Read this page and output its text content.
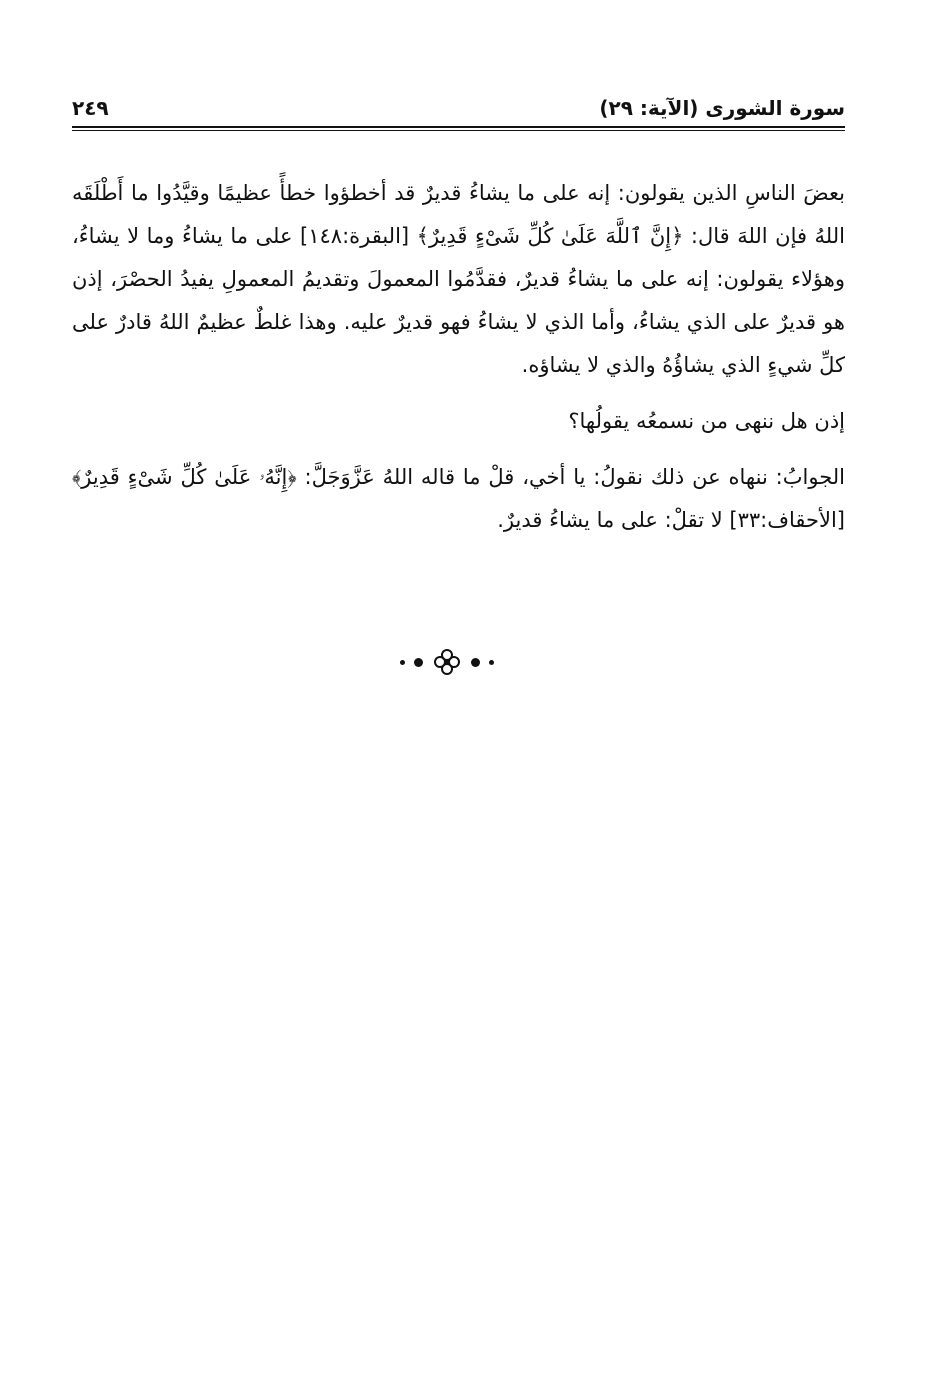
سورة الشورى (الآية: ٢٩)
٢٤٩

بعضَ الناسِ الذين يقولون: إنه على ما يشاءُ قديرٌ قد أخطؤوا خطأً عظيمًا وقيَّدُوا ما أَطْلَقَه اللهُ فإن اللهَ قال: ﴿إِنَّ ٱللَّهَ عَلَىٰ كُلِّ شَىْءٍ قَدِيرٌ﴾ [البقرة:١٤٨] على ما يشاءُ وما لا يشاءُ، وهؤلاء يقولون: إنه على ما يشاءُ قديرٌ، فقدَّمُوا المعمولَ وتقديمُ المعمولِ يفيدُ الحصْرَ، إذن هو قديرٌ على الذي يشاءُ، وأما الذي لا يشاءُ فهو قديرٌ عليه. وهذا غلطٌ عظيمٌ اللهُ قادرٌ على كلِّ شيءٍ الذي يشاؤُهُ والذي لا يشاؤه.

إذن هل ننهى من نسمعُه يقولُها؟

الجوابُ: ننهاه عن ذلك نقولُ: يا أخي، قلْ ما قاله اللهُ عَزَّوَجَلَّ: ﴿إِنَّهُۥ عَلَىٰ كُلِّ شَىْءٍ قَدِيرٌ﴾ [الأحقاف:٣٣] لا تقلْ: على ما يشاءُ قديرٌ.
